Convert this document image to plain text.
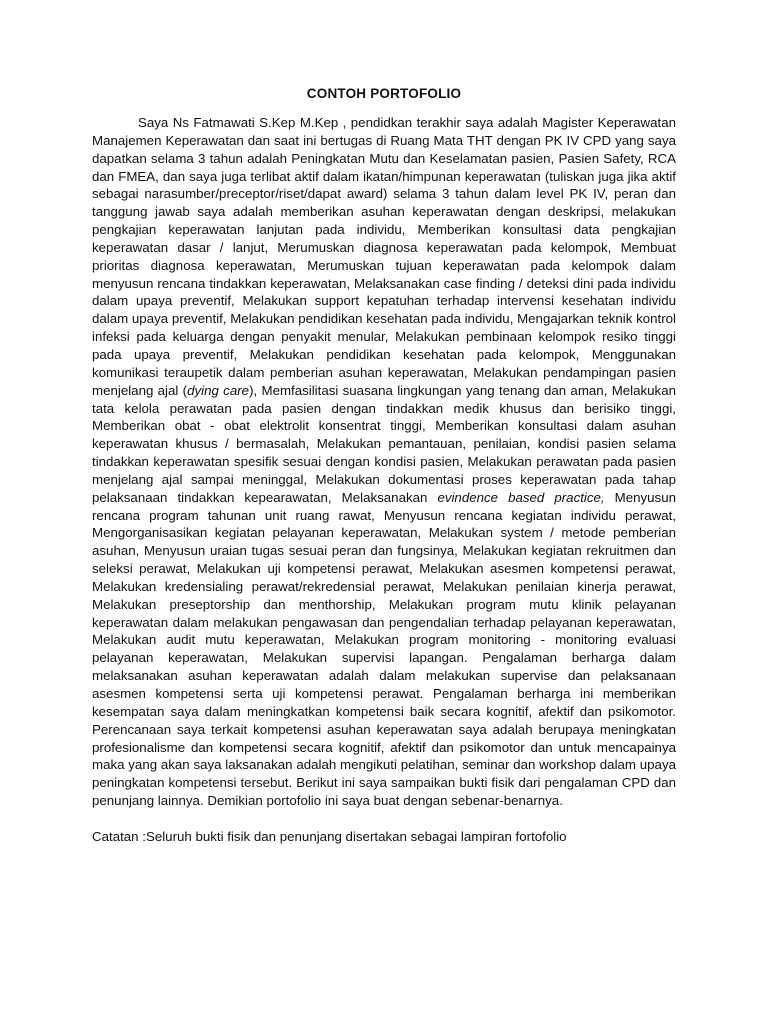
CONTOH PORTOFOLIO

Saya Ns Fatmawati S.Kep M.Kep , pendidkan terakhir saya adalah Magister Keperawatan Manajemen Keperawatan dan saat ini bertugas di Ruang Mata THT dengan PK IV CPD yang saya dapatkan selama 3 tahun adalah Peningkatan Mutu dan Keselamatan pasien, Pasien Safety, RCA dan FMEA, dan saya juga terlibat aktif dalam ikatan/himpunan keperawatan (tuliskan juga jika aktif sebagai narasumber/preceptor/riset/dapat award) selama 3 tahun dalam level PK IV, peran dan tanggung jawab saya adalah memberikan asuhan keperawatan dengan deskripsi, melakukan pengkajian keperawatan lanjutan pada individu, Memberikan konsultasi data pengkajian keperawatan dasar / lanjut, Merumuskan diagnosa keperawatan pada kelompok, Membuat prioritas diagnosa keperawatan, Merumuskan tujuan keperawatan pada kelompok dalam menyusun rencana tindakkan keperawatan, Melaksanakan case finding / deteksi dini pada individu dalam upaya preventif, Melakukan support kepatuhan terhadap intervensi kesehatan individu dalam upaya preventif, Melakukan pendidikan kesehatan pada individu, Mengajarkan teknik kontrol infeksi pada keluarga dengan penyakit menular, Melakukan pembinaan kelompok resiko tinggi pada upaya preventif, Melakukan pendidikan kesehatan pada kelompok, Menggunakan komunikasi teraupetik dalam pemberian asuhan keperawatan, Melakukan pendampingan pasien menjelang ajal (dying care), Memfasilitasi suasana lingkungan yang tenang dan aman, Melakukan tata kelola perawatan pada pasien dengan tindakkan medik khusus dan berisiko tinggi, Memberikan obat - obat elektrolit konsentrat tinggi, Memberikan konsultasi dalam asuhan keperawatan khusus / bermasalah, Melakukan pemantauan, penilaian, kondisi pasien selama tindakkan keperawatan spesifik sesuai dengan kondisi pasien, Melakukan perawatan pada pasien menjelang ajal sampai meninggal, Melakukan dokumentasi proses keperawatan pada tahap pelaksanaan tindakkan kepearawatan, Melaksanakan evindence based practice, Menyusun rencana program tahunan unit ruang rawat, Menyusun rencana kegiatan individu perawat, Mengorganisasikan kegiatan pelayanan keperawatan, Melakukan system / metode pemberian asuhan, Menyusun uraian tugas sesuai peran dan fungsinya, Melakukan kegiatan rekruitmen dan seleksi perawat, Melakukan uji kompetensi perawat, Melakukan asesmen kompetensi perawat, Melakukan kredensialing perawat/rekredensial perawat, Melakukan penilaian kinerja perawat, Melakukan preseptorship dan menthorship, Melakukan program mutu klinik pelayanan keperawatan dalam melakukan pengawasan dan pengendalian terhadap pelayanan keperawatan, Melakukan audit mutu keperawatan, Melakukan program monitoring - monitoring evaluasi pelayanan keperawatan, Melakukan supervisi lapangan. Pengalaman berharga dalam melaksanakan asuhan keperawatan adalah dalam melakukan supervise dan pelaksanaan asesmen kompetensi serta uji kompetensi perawat. Pengalaman berharga ini memberikan kesempatan saya dalam meningkatkan kompetensi baik secara kognitif, afektif dan psikomotor. Perencanaan saya terkait kompetensi asuhan keperawatan saya adalah berupaya meningkatan profesionalisme dan kompetensi secara kognitif, afektif dan psikomotor dan untuk mencapainya maka yang akan saya laksanakan adalah mengikuti pelatihan, seminar dan workshop dalam upaya peningkatan kompetensi tersebut. Berikut ini saya sampaikan bukti fisik dari pengalaman CPD dan penunjang lainnya. Demikian portofolio ini saya buat dengan sebenar-benarnya.

Catatan :Seluruh bukti fisik dan penunjang disertakan sebagai lampiran fortofolio
